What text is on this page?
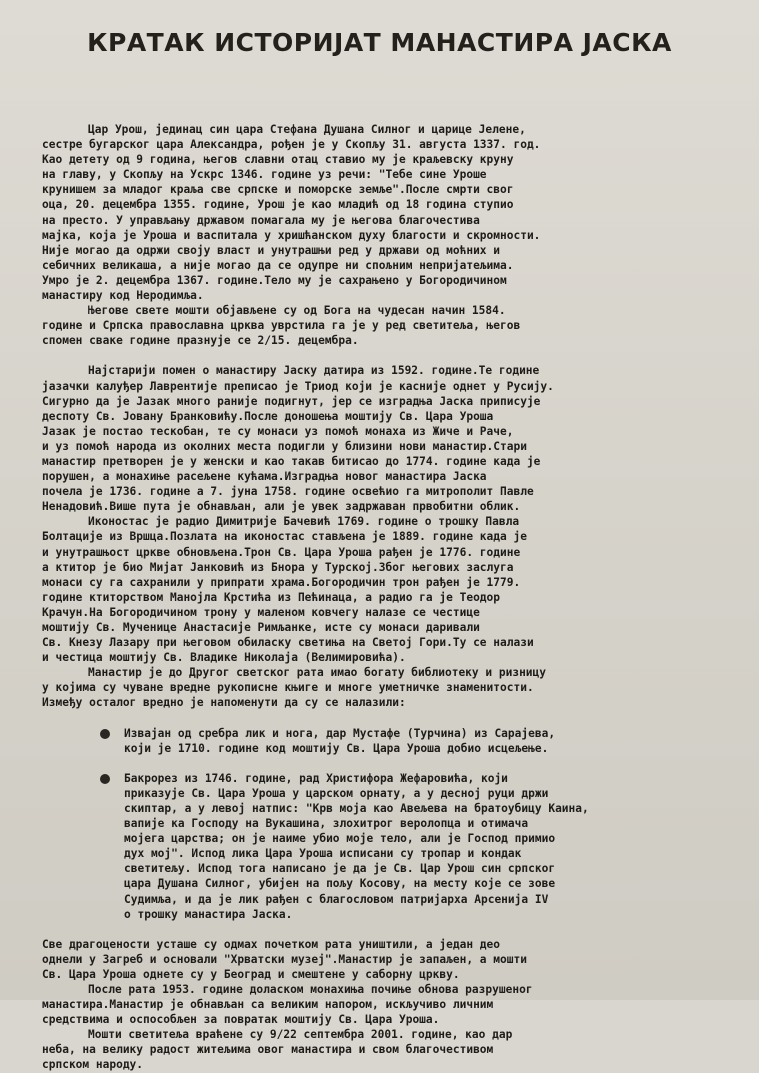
КРАТАК ИСТОРИЈАТ МАНАСТИРА ЈАСКА
Цар Урош, јединац син цара Стефана Душана Силног и царице Јелене,
сестре бугарског цара Александра, рођен је у Скопљу 31. августа 1337. год.
Као детету од 9 година, његов славни отац ставио му је краљевску круну
на главу, у Скопљу на Ускрс 1346. године уз речи: "Тебе сине Уроше
крунишем за младог краља све српске и поморске земље".После смрти свог
оца, 20. децембра 1355. године, Урош је као младић од 18 година ступио
на престо. У управљању државом помагала му је његова благочестива
мајка, која је Уроша и васпитала у хришћанском духу благости и скромности.
Није могао да одржи своју власт и унутрашњи ред у држави од моћних и
себичних великаша, а није могао да се одупре ни спољним непријатељима.
Умро је 2. децембра 1367. године.Тело му је сахрањено у Богородичином
манастиру код Неродимља.
Његове свете мошти објављене су од Бога на чудесан начин 1584.
године и Српска православна црква уврстила га је у ред светитеља, његов
спомен сваке године празнује се 2/15. децембра.
Најстарији помен о манастиру Јаску датира из 1592. године.Те године
јазачки калуђер Лаврентије преписао је Триод који је касније однет у Русију.
Сигурно да је Јазак много раније подигнут, јер се изградња Јаска приписује
деспоту Св. Јовану Бранковићу.После доношења моштију Св. Цара Уроша
Јазак је постао тескобан, те су монаси уз помоћ монаха из Жиче и Раче,
и уз помоћ народа из околних места подигли у близини нови манастир.Стари
манастир претворен је у женски и као такав битисао до 1774. године када је
порушен, а монахиње расељене кућама.Изградња новог манастира Јаска
почела је 1736. године а 7. јуна 1758. године освећио га митрополит Павле
Ненадовић.Више пута је обнављан, али је увек задржаван првобитни облик.
Иконостас је радио Димитрије Бачевић 1769. године о трошку Павла
Болтације из Вршца.Позлата на иконостас стављена је 1889. године када је
и унутрашњост цркве обновљена.Трон Св. Цара Уроша рађен је 1776. године
а ктитор је био Мијат Јанковић из Бнора у Турској.Због његових заслуга
монаси су га сахранили у припрати храма.Богородичин трон рађен је 1779.
године ктиторством Манојла Крстића из Пећинаца, а радио га је Теодор
Крачун.На Богородичином трону у маленом ковчегу налазе се честице
моштију Св. Мученице Анастасије Римљанке, исте су монаси даривали
Св. Кнезу Лазару при његовом обиласку светиња на Светој Гори.Ту се налази
и честица моштију Св. Владике Николаја (Велимировића).
Манастир је до Другог светског рата имао богату библиотеку и ризницу
у којима су чуване вредне рукописне књиге и многе уметничке знаменитости.
Између осталог вредно је напоменути да су се налазили:
Извајан од сребра лик и нога, дар Мустафе (Турчина) из Сарајева,
који је 1710. године код моштију Св. Цара Уроша добио исцељење.
Бакрорез из 1746. године, рад Христифора Жефаровића, који
приказује Св. Цара Уроша у царском орнату, а у десној руци држи
скиптар, а у левој натпис: "Крв моја као Авељева на братоубицу Каина,
вапије ка Господу на Вукашина, злохитрог веролопца и отимача
мојега царства; он је наиме убио моје тело, али је Господ примио
дух мој". Испод лика Цара Уроша исписани су тропар и кондак
светитељу. Испод тога написано је да је Св. Цар Урош син српског
цара Душана Силног, убијен на пољу Косову, на месту које се зове
Судимља, и да је лик рађен с благословом патријарха Арсенија IV
о трошку манастира Јаска.
Све драгоцености усташе су одмах почетком рата уништили, а један део
однели у Загреб и основали "Хрватски музеј".Манастир је запаљен, а мошти
Св. Цара Уроша однете су у Београд и смештене у саборну цркву.
После рата 1953. године доласком монахиња почиње обнова разрушеног
манастира.Манастир је обнављан са великим напором, искључиво личним
средствима и оспособљен за повратак моштију Св. Цара Уроша.
Мошти светитеља враћене су 9/22 септембра 2001. године, као дар
неба, на велику радост житељима овог манастира и свом благочестивом
српском народу.
